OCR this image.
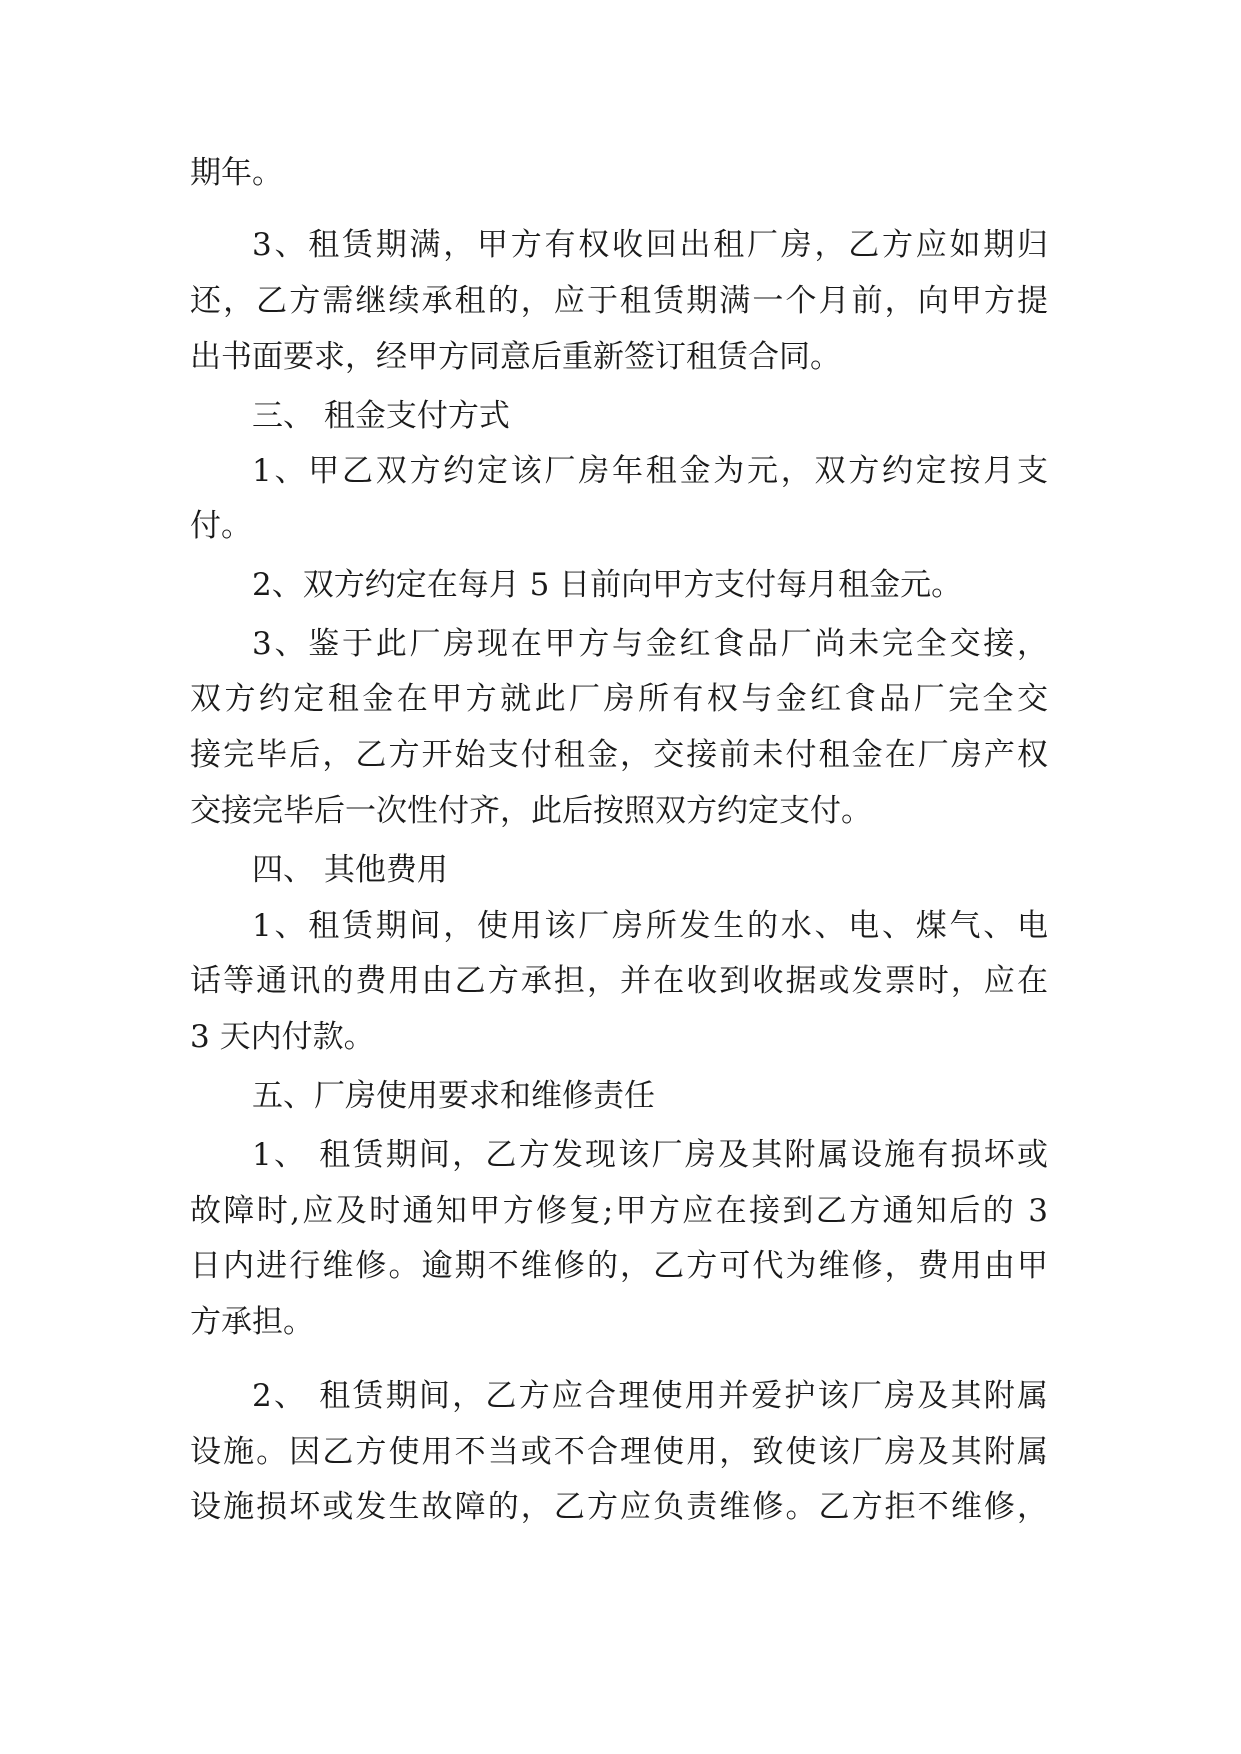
期年。
3、租赁期满，甲方有权收回出租厂房，乙方应如期归
还，乙方需继续承租的，应于租赁期满一个月前，向甲方提
出书面要求，经甲方同意后重新签订租赁合同。
三、 租金支付方式
1、甲乙双方约定该厂房年租金为元，双方约定按月支
付。
2、双方约定在每月 5 日前向甲方支付每月租金元。
3、鉴于此厂房现在甲方与金红食品厂尚未完全交接，
双方约定租金在甲方就此厂房所有权与金红食品厂完全交
接完毕后，乙方开始支付租金，交接前未付租金在厂房产权
交接完毕后一次性付齐，此后按照双方约定支付。
四、 其他费用
1、租赁期间，使用该厂房所发生的水、电、煤气、电
话等通讯的费用由乙方承担，并在收到收据或发票时，应在
3 天内付款。
五、厂房使用要求和维修责任
1、 租赁期间，乙方发现该厂房及其附属设施有损坏或
故障时,应及时通知甲方修复;甲方应在接到乙方通知后的 3
日内进行维修。逾期不维修的，乙方可代为维修，费用由甲
方承担。
2、 租赁期间，乙方应合理使用并爱护该厂房及其附属
设施。因乙方使用不当或不合理使用，致使该厂房及其附属
设施损坏或发生故障的，乙方应负责维修。乙方拒不维修，
